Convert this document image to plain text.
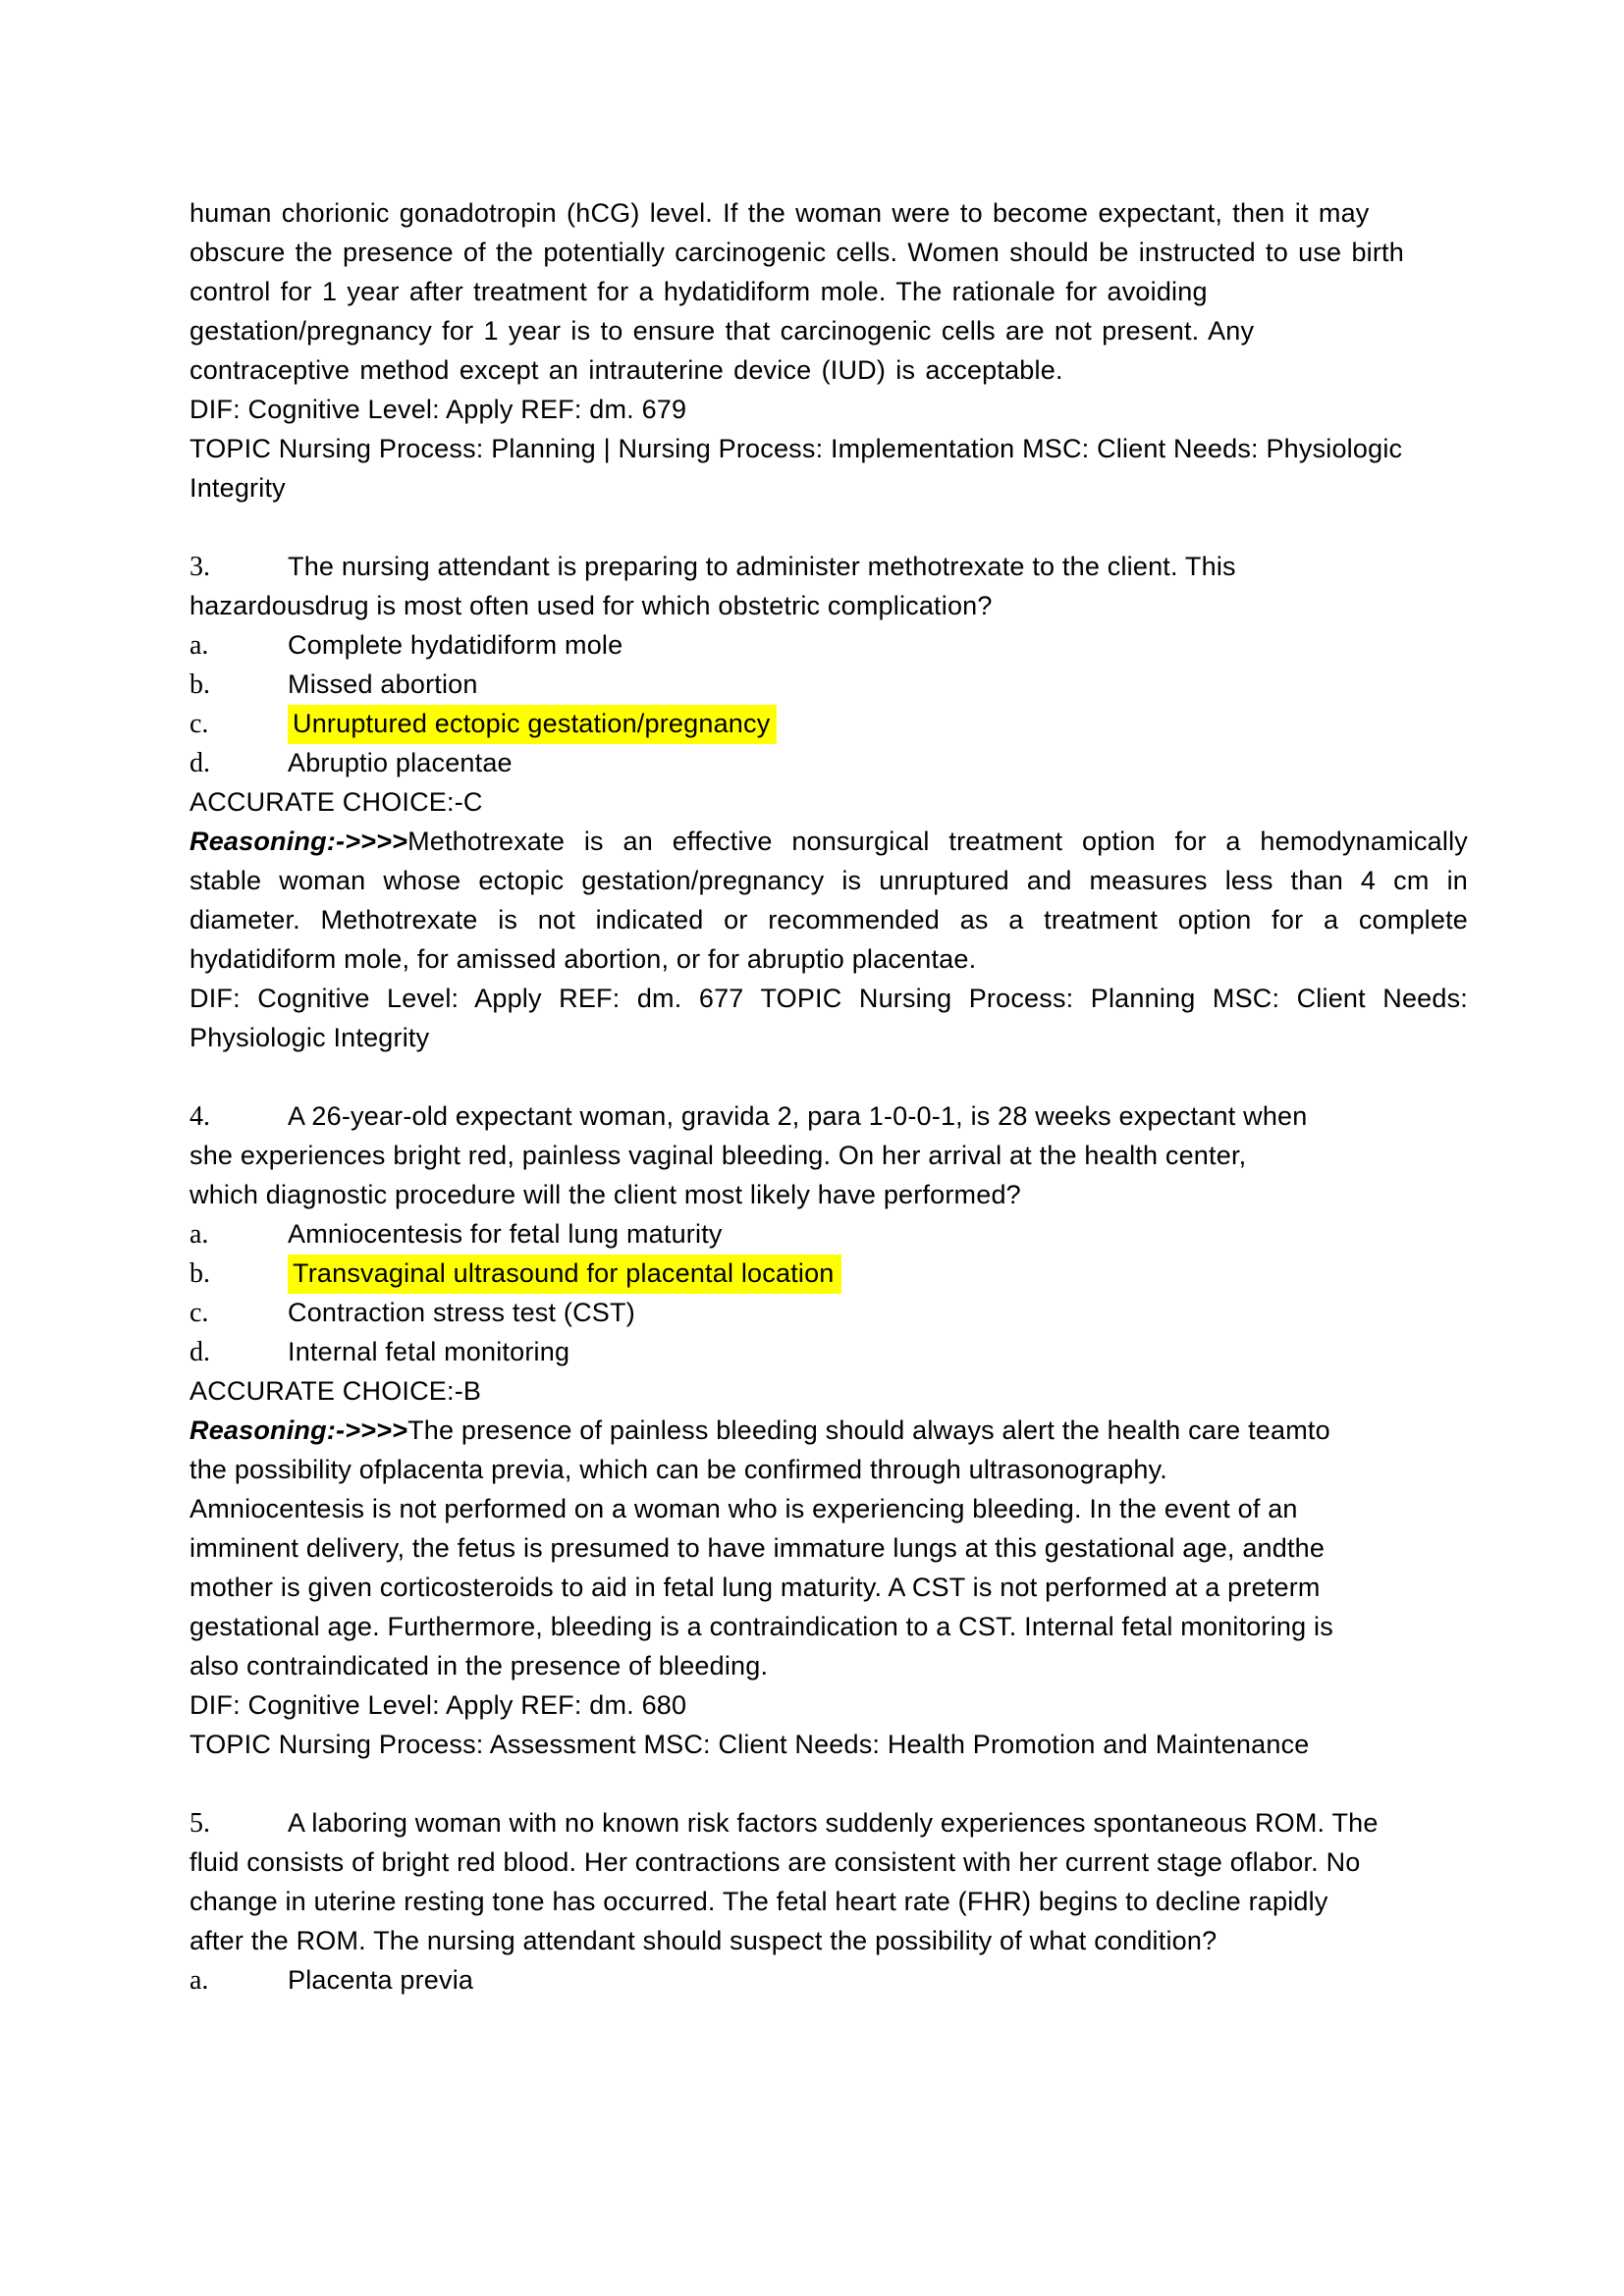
human chorionic gonadotropin (hCG) level. If the woman were to become expectant, then it may
obscure the presence of the potentially carcinogenic cells. Women should be instructed to use birth
control for 1 year after treatment for a hydatidiform mole. The rationale for avoiding
gestation/pregnancy for 1 year is to ensure that carcinogenic cells are not present. Any
contraceptive method except an intrauterine device (IUD) is acceptable.
DIF: Cognitive Level: Apply REF: dm. 679
TOPIC Nursing Process: Planning | Nursing Process: Implementation MSC: Client Needs: Physiologic
Integrity
3.	The nursing attendant is preparing to administer methotrexate to the client. This
hazardousdrug is most often used for which obstetric complication?
a.	Complete hydatidiform mole
b.	Missed abortion
c.	Unruptured ectopic gestation/pregnancy
d.	Abruptio placentae
ACCURATE CHOICE:-C
Reasoning:->>>>Methotrexate is an effective nonsurgical treatment option for a hemodynamically
stable woman whose ectopic gestation/pregnancy is unruptured and measures less than 4 cm in
diameter. Methotrexate is not indicated or recommended as a treatment option for a complete
hydatidiform mole, for amissed abortion, or for abruptio placentae.
DIF: Cognitive Level: Apply REF: dm. 677 TOPIC Nursing Process: Planning MSC: Client Needs:
Physiologic Integrity
4.	A 26-year-old expectant woman, gravida 2, para 1-0-0-1, is 28 weeks expectant when
she experiences bright red, painless vaginal bleeding. On her arrival at the health center,
which diagnostic procedure will the client most likely have performed?
a.	Amniocentesis for fetal lung maturity
b.	Transvaginal ultrasound for placental location
c.	Contraction stress test (CST)
d.	Internal fetal monitoring
ACCURATE CHOICE:-B
Reasoning:->>>>The presence of painless bleeding should always alert the health care teamto
the possibility ofplacenta previa, which can be confirmed through ultrasonography.
Amniocentesis is not performed on a woman who is experiencing bleeding. In the event of an
imminent delivery, the fetus is presumed to have immature lungs at this gestational age, andthe
mother is given corticosteroids to aid in fetal lung maturity. A CST is not performed at a preterm
gestational age. Furthermore, bleeding is a contraindication to a CST. Internal fetal monitoring is
also contraindicated in the presence of bleeding.
DIF: Cognitive Level: Apply REF: dm. 680
TOPIC Nursing Process: Assessment MSC: Client Needs: Health Promotion and Maintenance
5.	A laboring woman with no known risk factors suddenly experiences spontaneous ROM. The
fluid consists of bright red blood. Her contractions are consistent with her current stage oflabor. No
change in uterine resting tone has occurred. The fetal heart rate (FHR) begins to decline rapidly
after the ROM. The nursing attendant should suspect the possibility of what condition?
a.	Placenta previa
